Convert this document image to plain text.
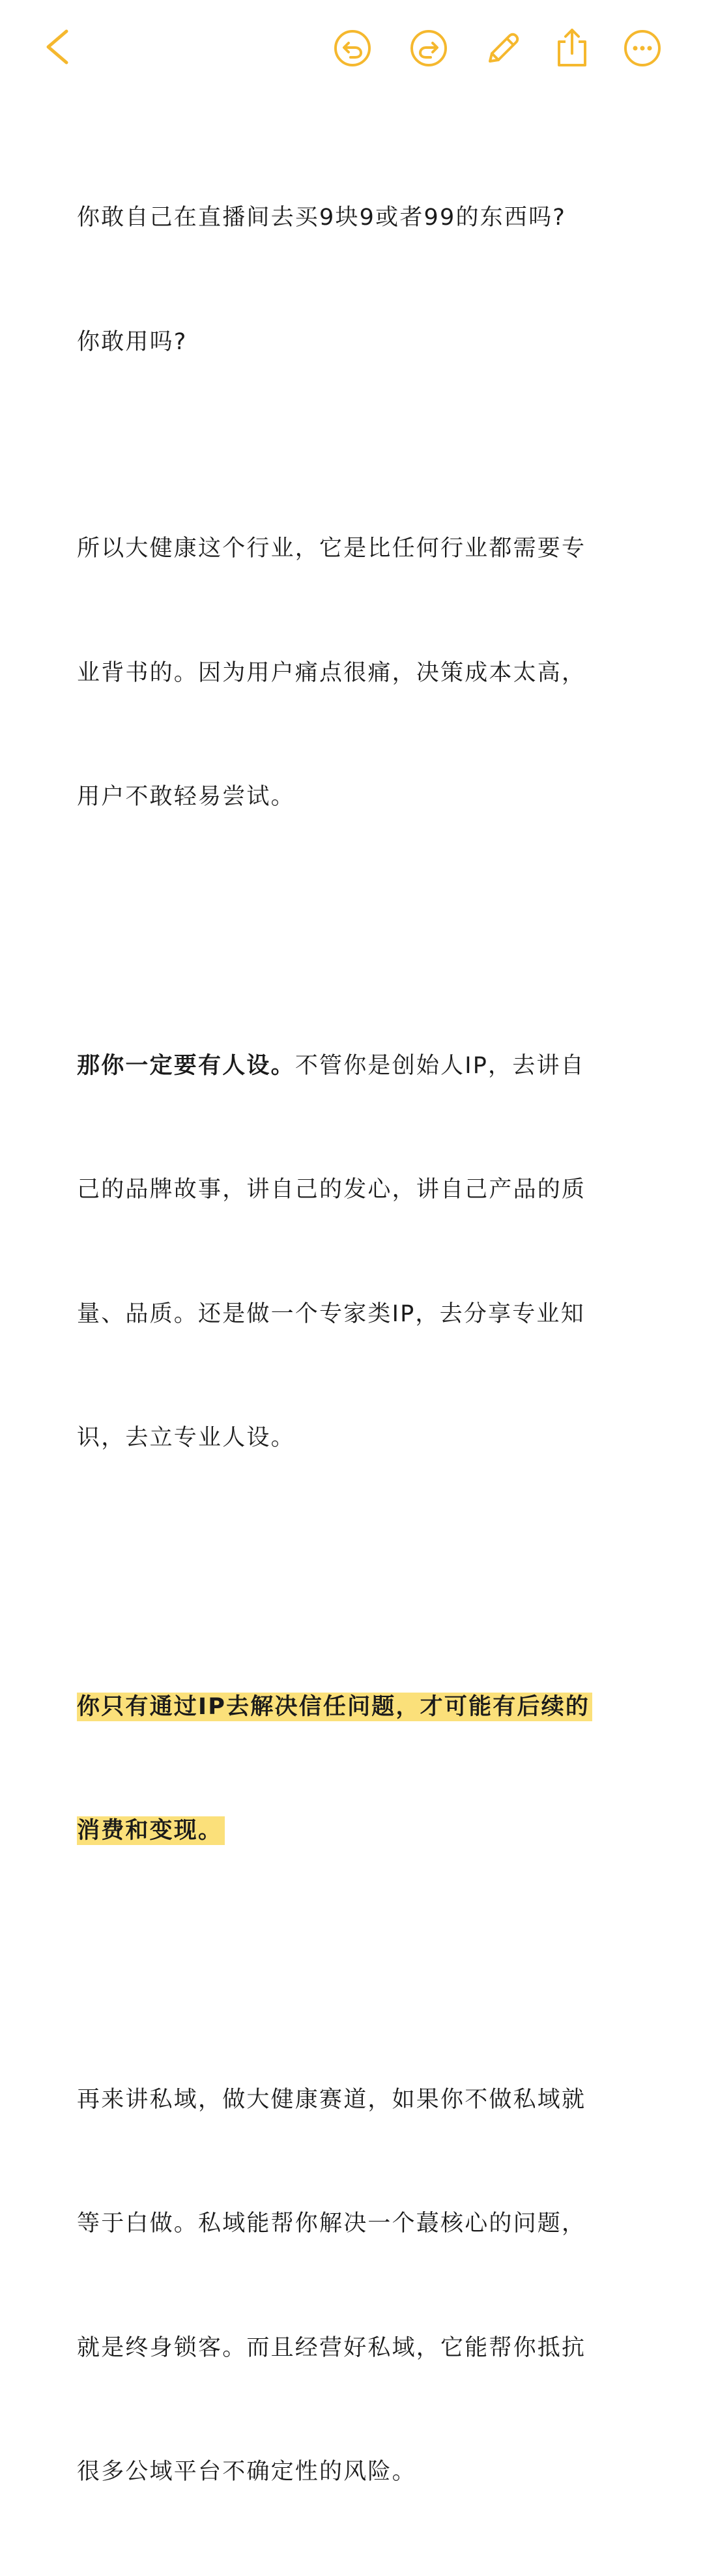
你敢自己在直播间去买9块9或者99的东西吗?

你敢用吗?

所以大健康这个行业，它是比任何行业都需要专

业背书的。因为用户痛点很痛，决策成本太高，

用户不敢轻易尝试。

那你一定要有人设。不管你是创始人IP，去讲自

己的品牌故事，讲自己的发心，讲自己产品的质

量、品质。还是做一个专家类IP，去分享专业知

识，去立专业人设。

你只有通过IP去解决信任问题，才可能有后续的

消费和变现。

再来讲私域，做大健康赛道，如果你不做私域就

等于白做。私域能帮你解决一个蕞核心的问题，

就是终身锁客。而且经营好私域，它能帮你抵抗

很多公域平台不确定性的风险。
